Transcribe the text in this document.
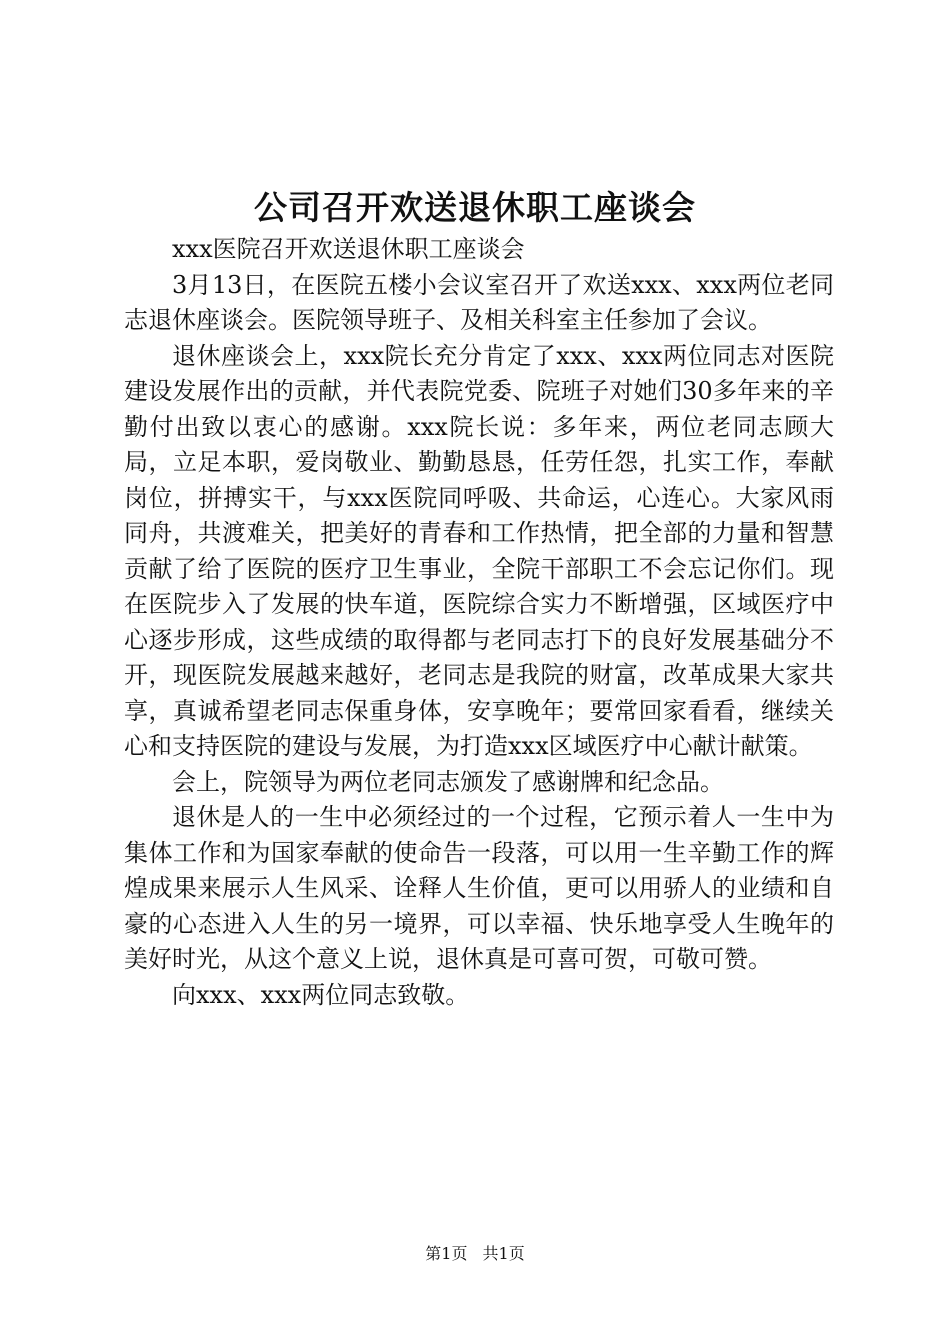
公司召开欢送退休职工座谈会

xxx医院召开欢送退休职工座谈会

3月13日，在医院五楼小会议室召开了欢送xxx、xxx两位老同志退休座谈会。医院领导班子、及相关科室主任参加了会议。

退休座谈会上，xxx院长充分肯定了xxx、xxx两位同志对医院建设发展作出的贡献，并代表院党委、院班子对她们30多年来的辛勤付出致以衷心的感谢。xxx院长说：多年来，两位老同志顾大局，立足本职，爱岗敬业、勤勤恳恳，任劳任怨，扎实工作，奉献岗位，拼搏实干，与xxx医院同呼吸、共命运，心连心。大家风雨同舟，共渡难关，把美好的青春和工作热情，把全部的力量和智慧贡献了给了医院的医疗卫生事业，全院干部职工不会忘记你们。现在医院步入了发展的快车道，医院综合实力不断增强，区域医疗中心逐步形成，这些成绩的取得都与老同志打下的良好发展基础分不开，现医院发展越来越好，老同志是我院的财富，改革成果大家共享，真诚希望老同志保重身体，安享晚年；要常回家看看，继续关心和支持医院的建设与发展，为打造xxx区域医疗中心献计献策。

会上，院领导为两位老同志颁发了感谢牌和纪念品。

退休是人的一生中必须经过的一个过程，它预示着人一生中为集体工作和为国家奉献的使命告一段落，可以用一生辛勤工作的辉煌成果来展示人生风采、诠释人生价值，更可以用骄人的业绩和自豪的心态进入人生的另一境界，可以幸福、快乐地享受人生晚年的美好时光，从这个意义上说，退休真是可喜可贺，可敬可赞。

向xxx、xxx两位同志致敬。

第1页 共1页
